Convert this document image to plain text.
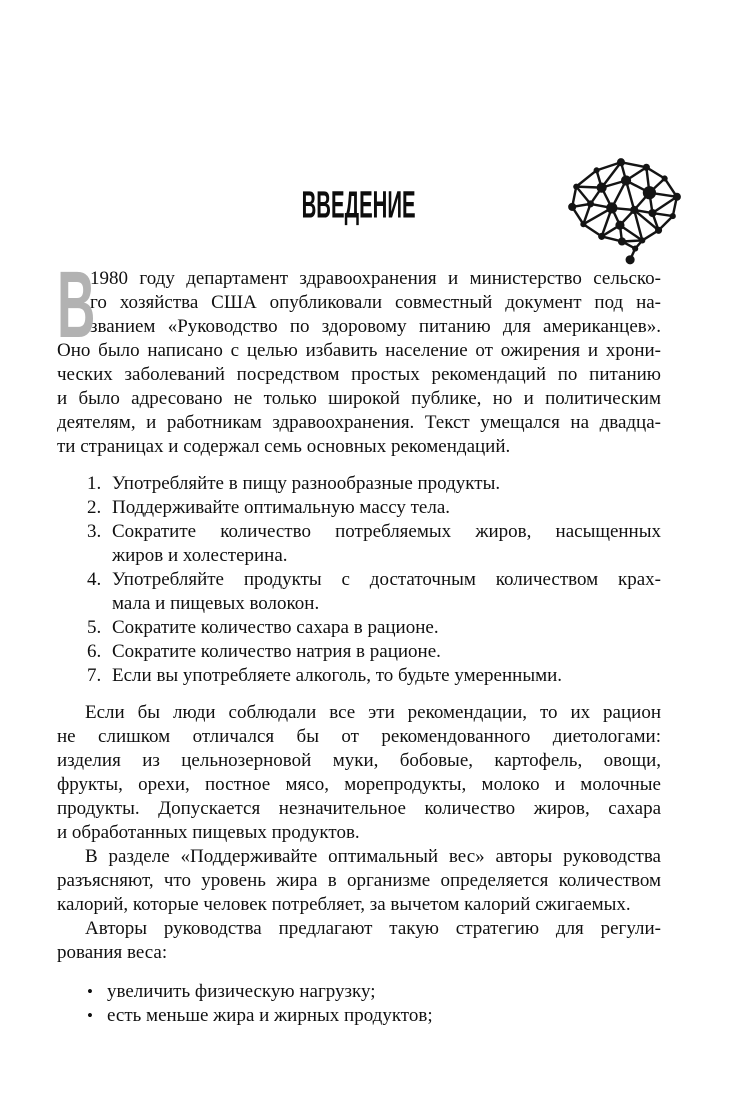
ВВЕДЕНИЕ
В
1980 году департамент здравоохранения и министерство сельско-
го хозяйства США опубликовали совместный документ под на-
званием «Руководство по здоровому питанию для американцев».
Оно было написано с целью избавить население от ожирения и хрони-
ческих заболеваний посредством простых рекомендаций по питанию
и было адресовано не только широкой публике, но и политическим
деятелям, и работникам здравоохранения. Текст умещался на двадца-
ти страницах и содержал семь основных рекомендаций.
1. Употребляйте в пищу разнообразные продукты.
2. Поддерживайте оптимальную массу тела.
3. Сократите количество потребляемых жиров, насыщенных
жиров и холестерина.
4. Употребляйте продукты с достаточным количеством крах-
мала и пищевых волокон.
5. Сократите количество сахара в рационе.
6. Сократите количество натрия в рационе.
7. Если вы употребляете алкоголь, то будьте умеренными.
Если бы люди соблюдали все эти рекомендации, то их рацион
не слишком отличался бы от рекомендованного диетологами:
изделия из цельнозерновой муки, бобовые, картофель, овощи,
фрукты, орехи, постное мясо, морепродукты, молоко и молочные
продукты. Допускается незначительное количество жиров, сахара
и обработанных пищевых продуктов.
В разделе «Поддерживайте оптимальный вес» авторы руководства
разъясняют, что уровень жира в организме определяется количеством
калорий, которые человек потребляет, за вычетом калорий сжигаемых.
Авторы руководства предлагают такую стратегию для регули-
рования веса:
• увеличить физическую нагрузку;
• есть меньше жира и жирных продуктов;
